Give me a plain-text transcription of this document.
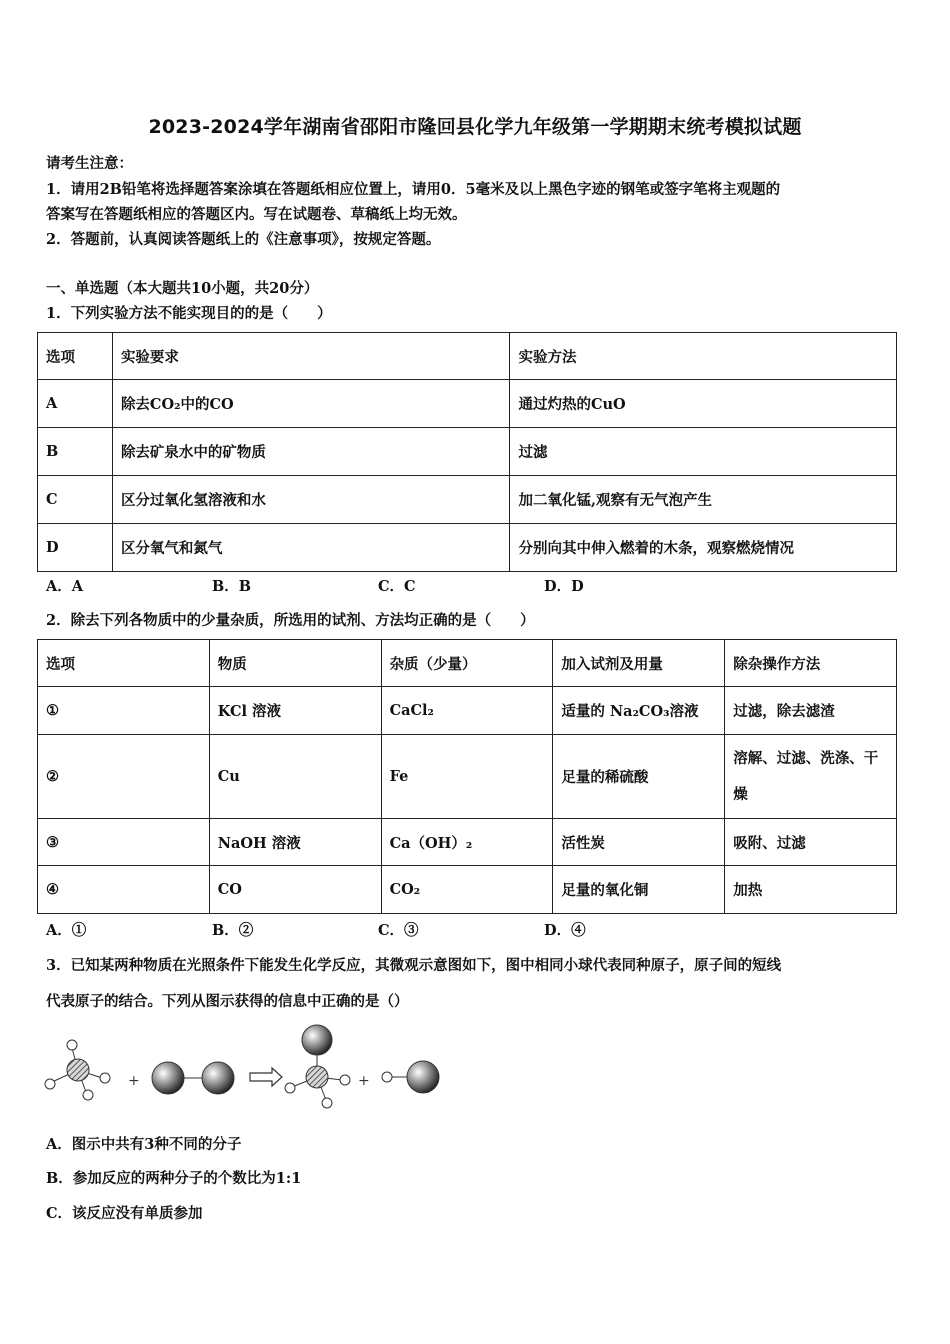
2023-2024学年湖南省邵阳市隆回县化学九年级第一学期期末统考模拟试题
请考生注意：
1．请用2B铅笔将选择题答案涂填在答题纸相应位置上，请用0．5毫米及以上黑色字迹的钢笔或签字笔将主观题的
答案写在答题纸相应的答题区内。写在试题卷、草稿纸上均无效。
2．答题前，认真阅读答题纸上的《注意事项》，按规定答题。
一、单选题（本大题共10小题，共20分）
1．下列实验方法不能实现目的的是（　　）
选项	实验要求	实验方法
A	除去CO₂中的CO	通过灼热的CuO
B	除去矿泉水中的矿物质	过滤
C	区分过氧化氢溶液和水	加二氧化锰,观察有无气泡产生
D	区分氧气和氮气	分别向其中伸入燃着的木条，观察燃烧情况
A．A	B．B	C．C	D．D
2．除去下列各物质中的少量杂质，所选用的试剂、方法均正确的是（　　）
选项	物质	杂质（少量）	加入试剂及用量	除杂操作方法
①	KCl 溶液	CaCl₂	适量的 Na₂CO₃溶液	过滤，除去滤渣
②	Cu	Fe	足量的稀硫酸	溶解、过滤、洗涤、干燥
③	NaOH 溶液	Ca（OH）₂	活性炭	吸附、过滤
④	CO	CO₂	足量的氧化铜	加热
A．①	B．②	C．③	D．④
3．已知某两种物质在光照条件下能发生化学反应，其微观示意图如下，图中相同小球代表同种原子，原子间的短线
代表原子的结合。下列从图示获得的信息中正确的是（）
+	+
A．图示中共有3种不同的分子
B．参加反应的两种分子的个数比为1:1
C．该反应没有单质参加
